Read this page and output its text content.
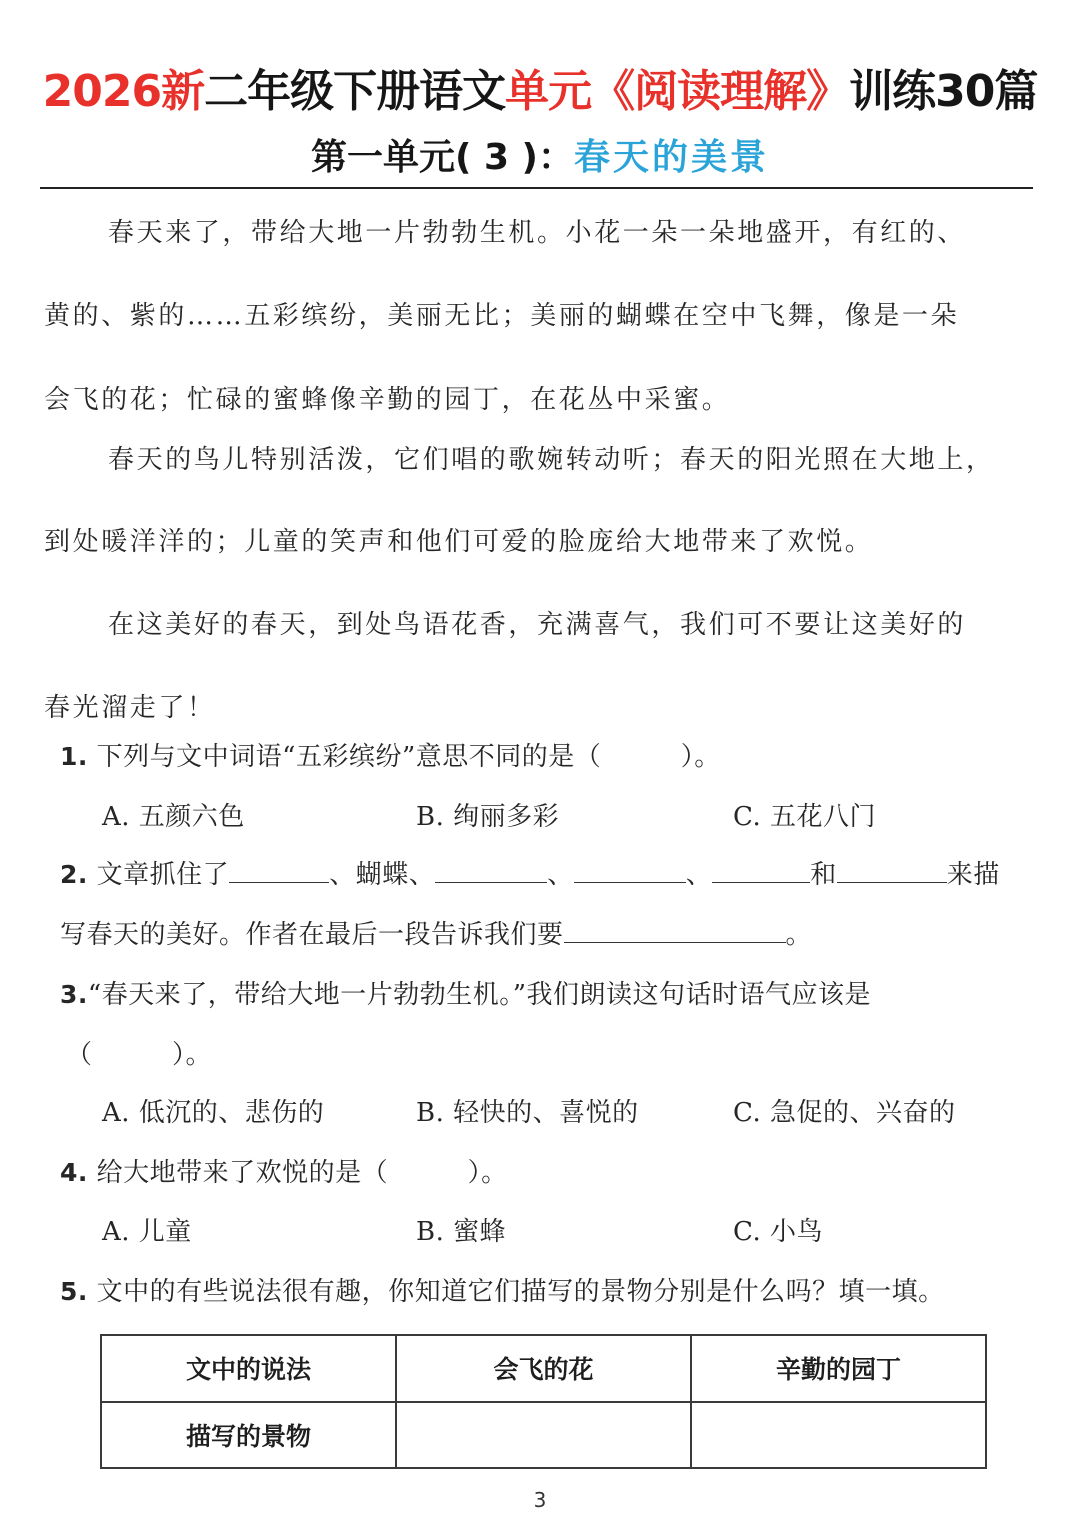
2026新二年级下册语文单元《阅读理解》训练30篇
第一单元( 3 )：春天的美景
春天来了，带给大地一片勃勃生机。小花一朵一朵地盛开，有红的、
黄的、紫的……五彩缤纷，美丽无比；美丽的蝴蝶在空中飞舞，像是一朵
会飞的花；忙碌的蜜蜂像辛勤的园丁，在花丛中采蜜。
春天的鸟儿特别活泼，它们唱的歌婉转动听；春天的阳光照在大地上，
到处暖洋洋的；儿童的笑声和他们可爱的脸庞给大地带来了欢悦。
在这美好的春天，到处鸟语花香，充满喜气，我们可不要让这美好的
春光溜走了！
1. 下列与文中词语“五彩缤纷”意思不同的是（　　　）。
A. 五颜六色	B. 绚丽多彩	C. 五花八门
2. 文章抓住了	、蝴蝶、	、	、	和	来描
写春天的美好。作者在最后一段告诉我们要	。
3.“春天来了，带给大地一片勃勃生机。”我们朗读这句话时语气应该是
（　　　）。
A. 低沉的、悲伤的	B. 轻快的、喜悦的	C. 急促的、兴奋的
4. 给大地带来了欢悦的是（　　　）。
A. 儿童	B. 蜜蜂	C. 小鸟
5. 文中的有些说法很有趣，你知道它们描写的景物分别是什么吗？填一填。
文中的说法	会飞的花	辛勤的园丁
描写的景物		
3
